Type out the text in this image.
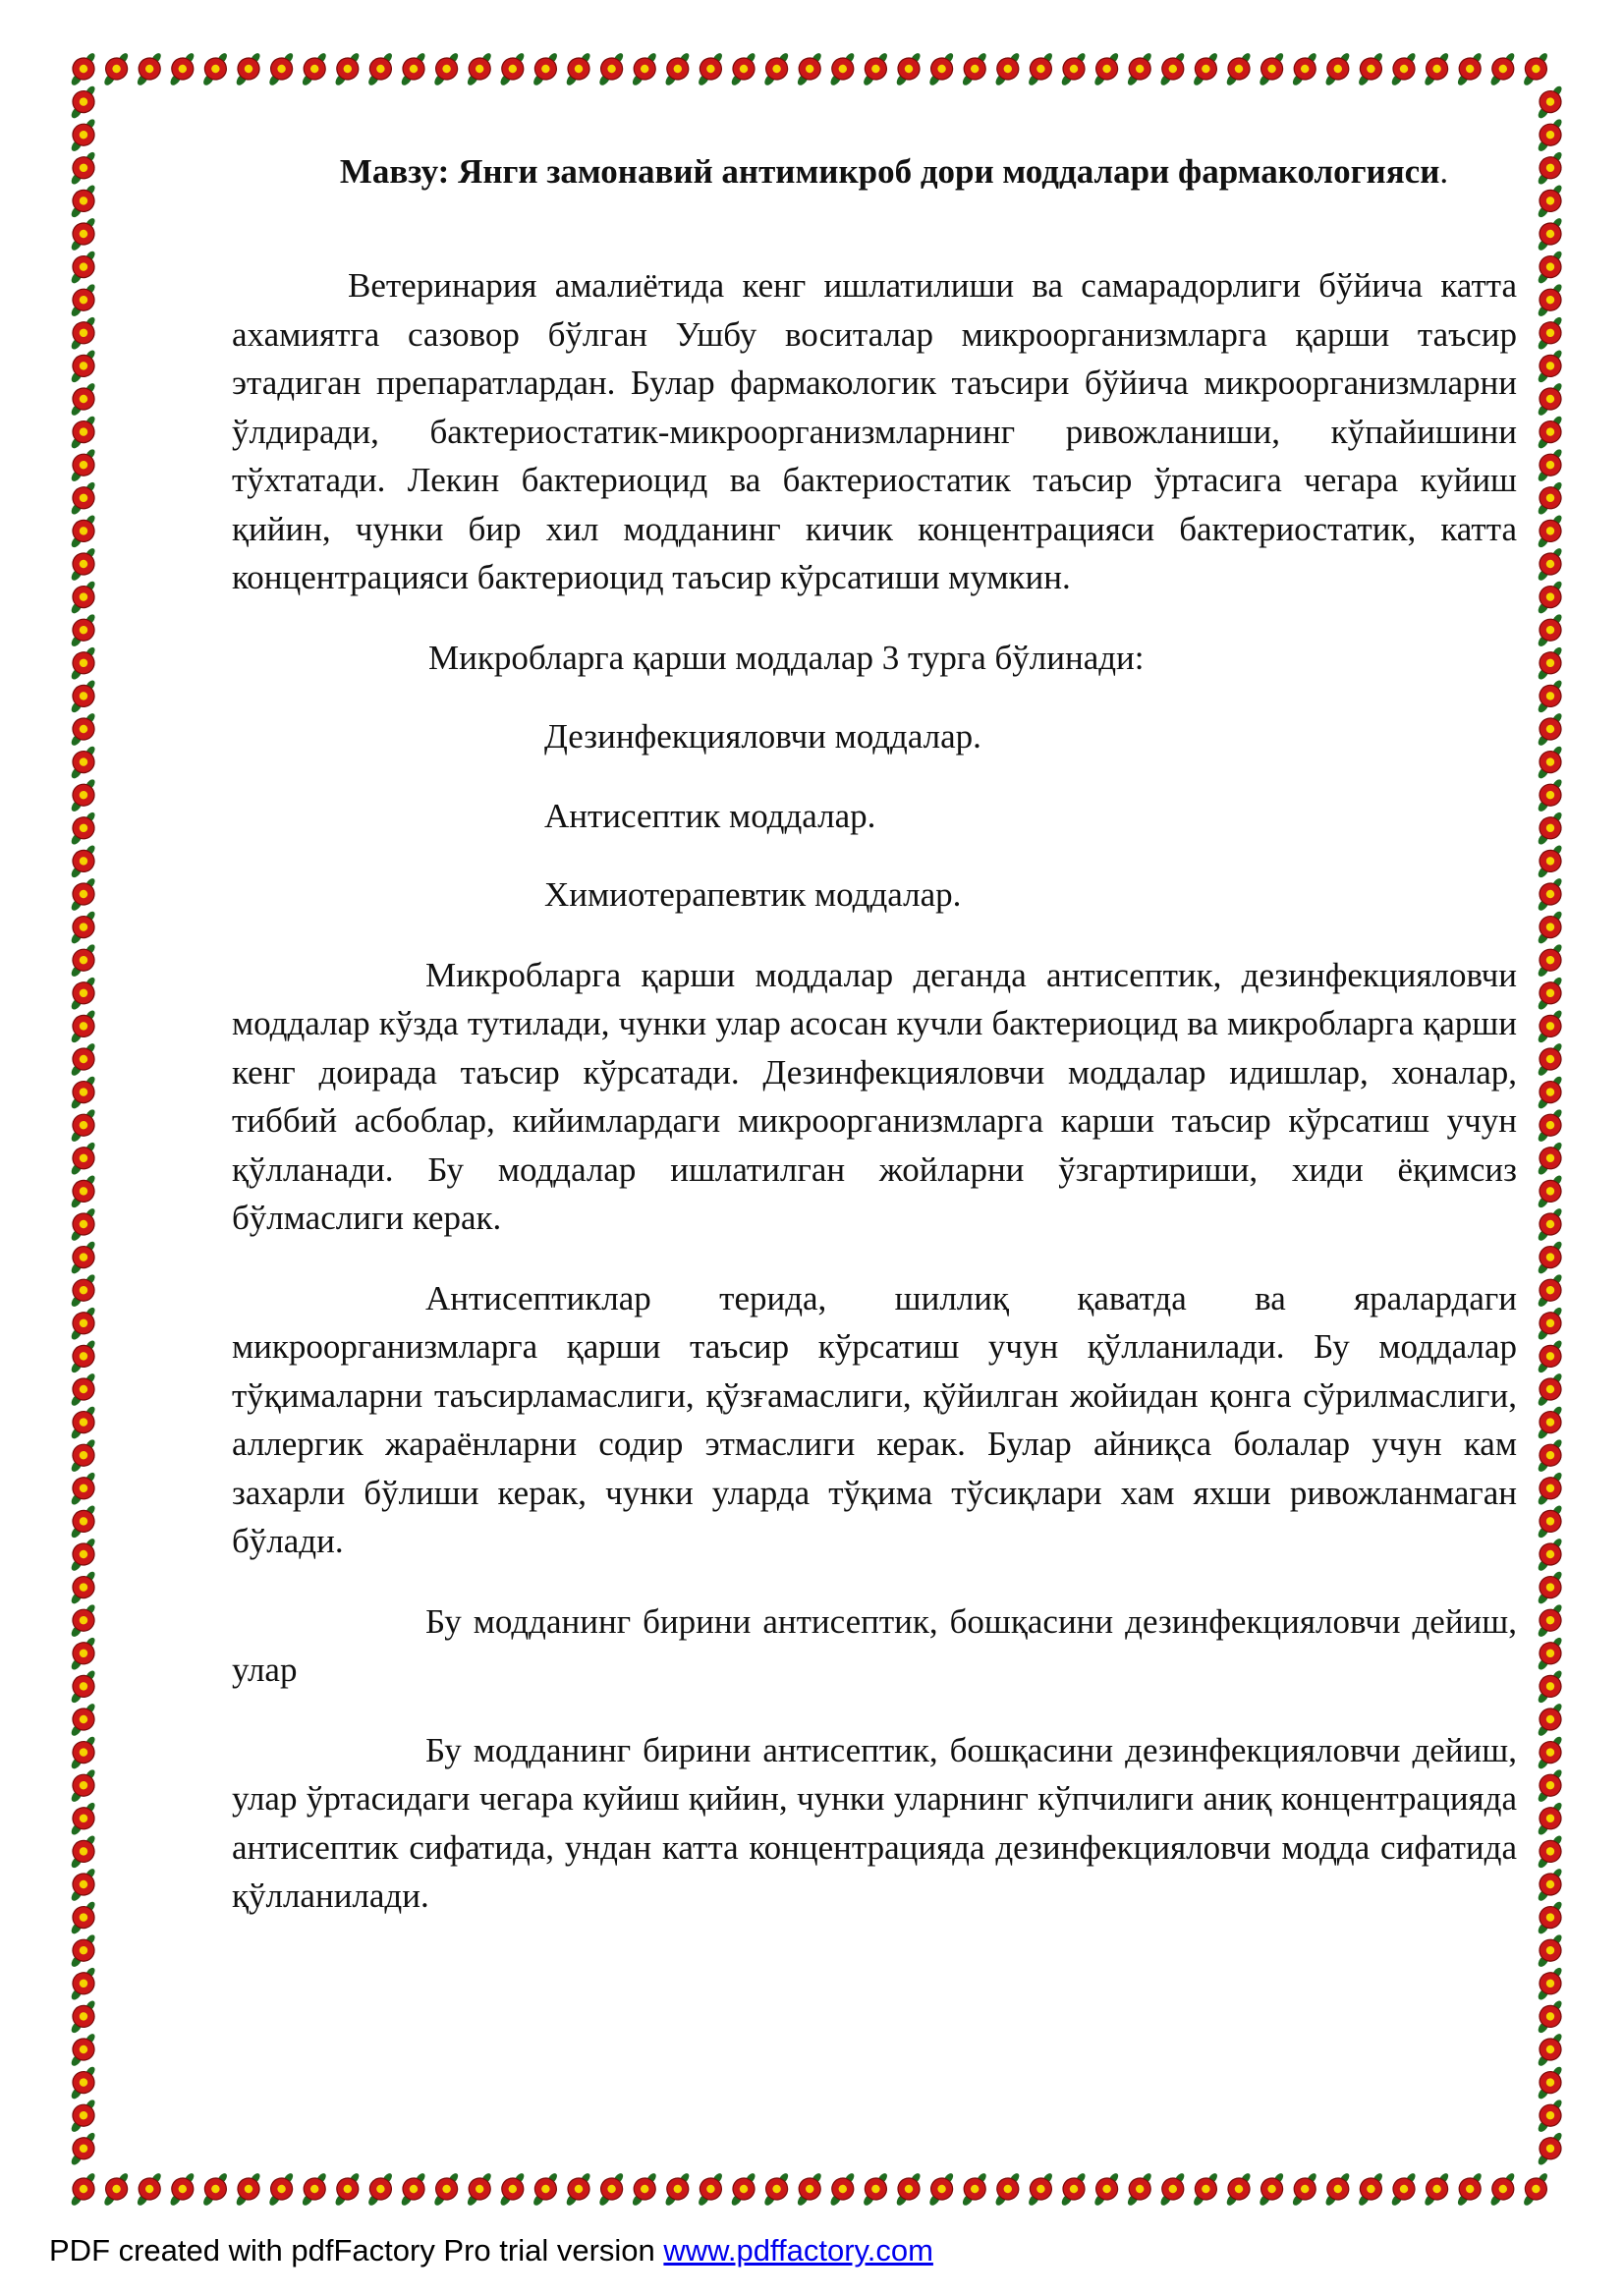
Мавзу: Янги замонавий антимикроб дори моддалари фармакологияси.

Ветеринария амалиётида кенг ишлатилиши ва самарадорлиги бўйича катта ахамиятга сазовор бўлган Ушбу воситалар микроорганизмларга қарши таъсир этадиган препаратлардан. Булар фармакологик таъсири бўйича микроорганизмларни ўлдиради, бактериостатик-микроорганизмларнинг ривожланиши, кўпайишини тўхтатади. Лекин бактериоцид ва бактериостатик таъсир ўртасига чегара куйиш қийин, чунки бир хил модданинг кичик концентрацияси бактериостатик, катта концентрацияси бактериоцид таъсир кўрсатиши мумкин.

Микробларга қарши моддалар 3 турга бўлинади:

Дезинфекцияловчи моддалар.

Антисептик моддалар.

Химиотерапевтик моддалар.

Микробларга қарши моддалар деганда антисептик, дезинфекцияловчи моддалар кўзда тутилади, чунки улар асосан кучли бактериоцид ва микробларга қарши кенг доирада таъсир кўрсатади. Дезинфекцияловчи моддалар идишлар, хоналар, тиббий асбоблар, кийимлардаги микроорганизмларга карши таъсир кўрсатиш учун қўлланади. Бу моддалар ишлатилган жойларни ўзгартириши, хиди ёқимсиз бўлмаслиги керак.

Антисептиклар терида, шиллиқ қаватда ва яралардаги микроорганизмларга қарши таъсир кўрсатиш учун қўлланилади. Бу моддалар тўқималарни таъсирламаслиги, қўзғамаслиги, қўйилган жойидан қонга сўрилмаслиги, аллергик жараёнларни содир этмаслиги керак. Булар айниқса болалар учун кам захарли бўлиши керак, чунки уларда тўқима тўсиқлари хам яхши ривожланмаган бўлади.

Бу модданинг бирини антисептик, бошқасини дезинфекцияловчи дейиш, улар

Бу модданинг бирини антисептик, бошқасини дезинфекцияловчи дейиш, улар ўртасидаги чегара куйиш қийин, чунки уларнинг кўпчилиги аниқ концентрацияда антисептик сифатида, ундан катта концентрацияда дезинфекцияловчи модда сифатида қўлланилади.

PDF created with pdfFactory Pro trial version www.pdffactory.com
